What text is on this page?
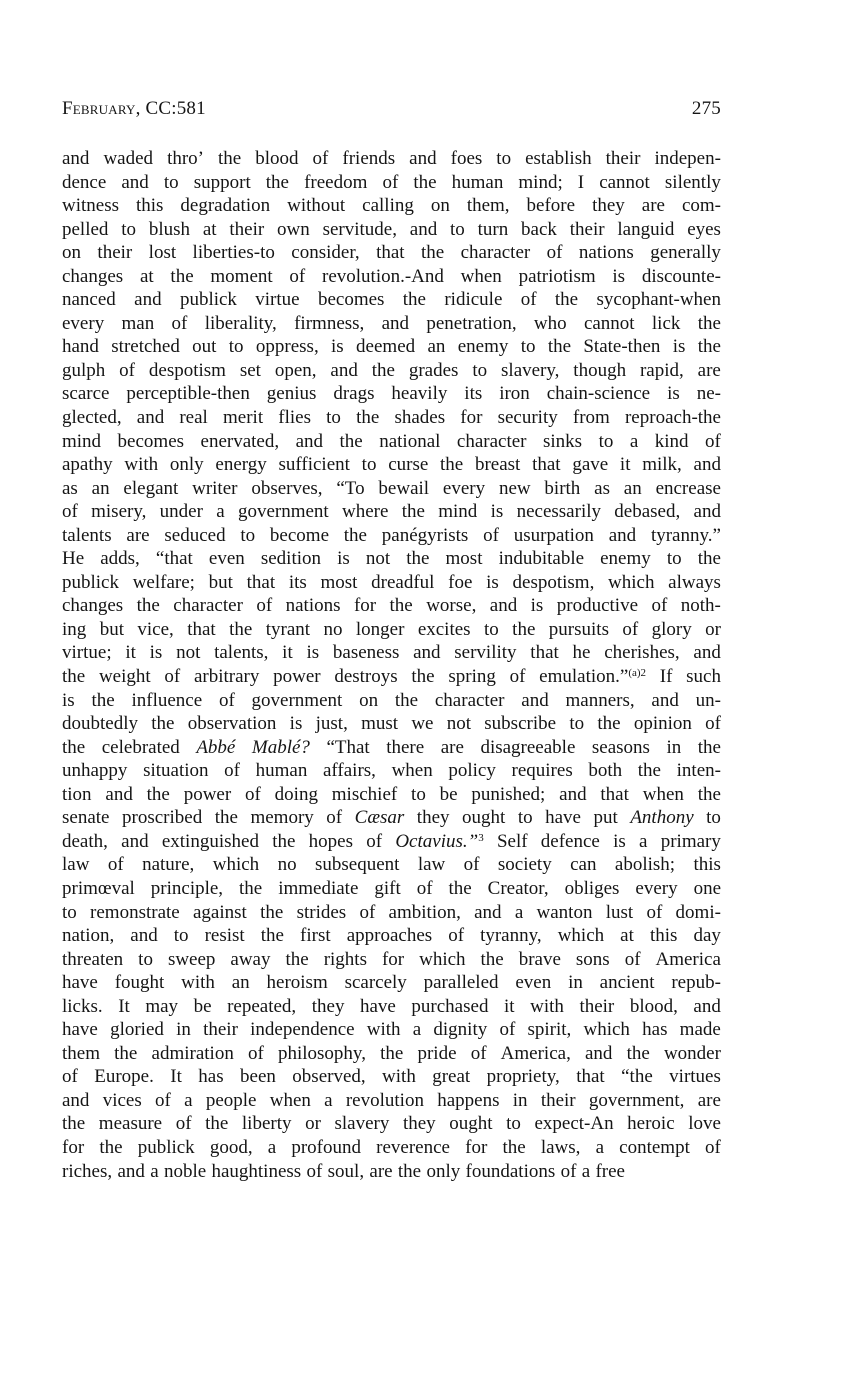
February, CC:581	275
and waded thro’ the blood of friends and foes to establish their indepen-
dence and to support the freedom of the human mind; I cannot silently
witness this degradation without calling on them, before they are com-
pelled to blush at their own servitude, and to turn back their languid eyes
on their lost liberties-to consider, that the character of nations generally
changes at the moment of revolution.-And when patriotism is discounte-
nanced and publick virtue becomes the ridicule of the sycophant-when
every man of liberality, firmness, and penetration, who cannot lick the
hand stretched out to oppress, is deemed an enemy to the State-then is the
gulph of despotism set open, and the grades to slavery, though rapid, are
scarce perceptible-then genius drags heavily its iron chain-science is ne-
glected, and real merit flies to the shades for security from reproach-the
mind becomes enervated, and the national character sinks to a kind of
apathy with only energy sufficient to curse the breast that gave it milk, and
as an elegant writer observes, “To bewail every new birth as an encrease
of misery, under a government where the mind is necessarily debased, and
talents are seduced to become the panégyrists of usurpation and tyranny.”
He adds, “that even sedition is not the most indubitable enemy to the
publick welfare; but that its most dreadful foe is despotism, which always
changes the character of nations for the worse, and is productive of noth-
ing but vice, that the tyrant no longer excites to the pursuits of glory or
virtue; it is not talents, it is baseness and servility that he cherishes, and
the weight of arbitrary power destroys the spring of emulation.”$^{(a)2}$ If such
is the influence of government on the character and manners, and un-
doubtedly the observation is just, must we not subscribe to the opinion of
the celebrated Abbé Mablé? “That there are disagreeable seasons in the
unhappy situation of human affairs, when policy requires both the inten-
tion and the power of doing mischief to be punished; and that when the
senate proscribed the memory of Cæsar they ought to have put Anthony to
death, and extinguished the hopes of Octavius.”$^3$ Self defence is a primary
law of nature, which no subsequent law of society can abolish; this
primœval principle, the immediate gift of the Creator, obliges every one
to remonstrate against the strides of ambition, and a wanton lust of domi-
nation, and to resist the first approaches of tyranny, which at this day
threaten to sweep away the rights for which the brave sons of America
have fought with an heroism scarcely paralleled even in ancient repub-
licks. It may be repeated, they have purchased it with their blood, and
have gloried in their independence with a dignity of spirit, which has made
them the admiration of philosophy, the pride of America, and the wonder
of Europe. It has been observed, with great propriety, that “the virtues
and vices of a people when a revolution happens in their government, are
the measure of the liberty or slavery they ought to expect-An heroic love
for the publick good, a profound reverence for the laws, a contempt of
riches, and a noble haughtiness of soul, are the only foundations of a free
